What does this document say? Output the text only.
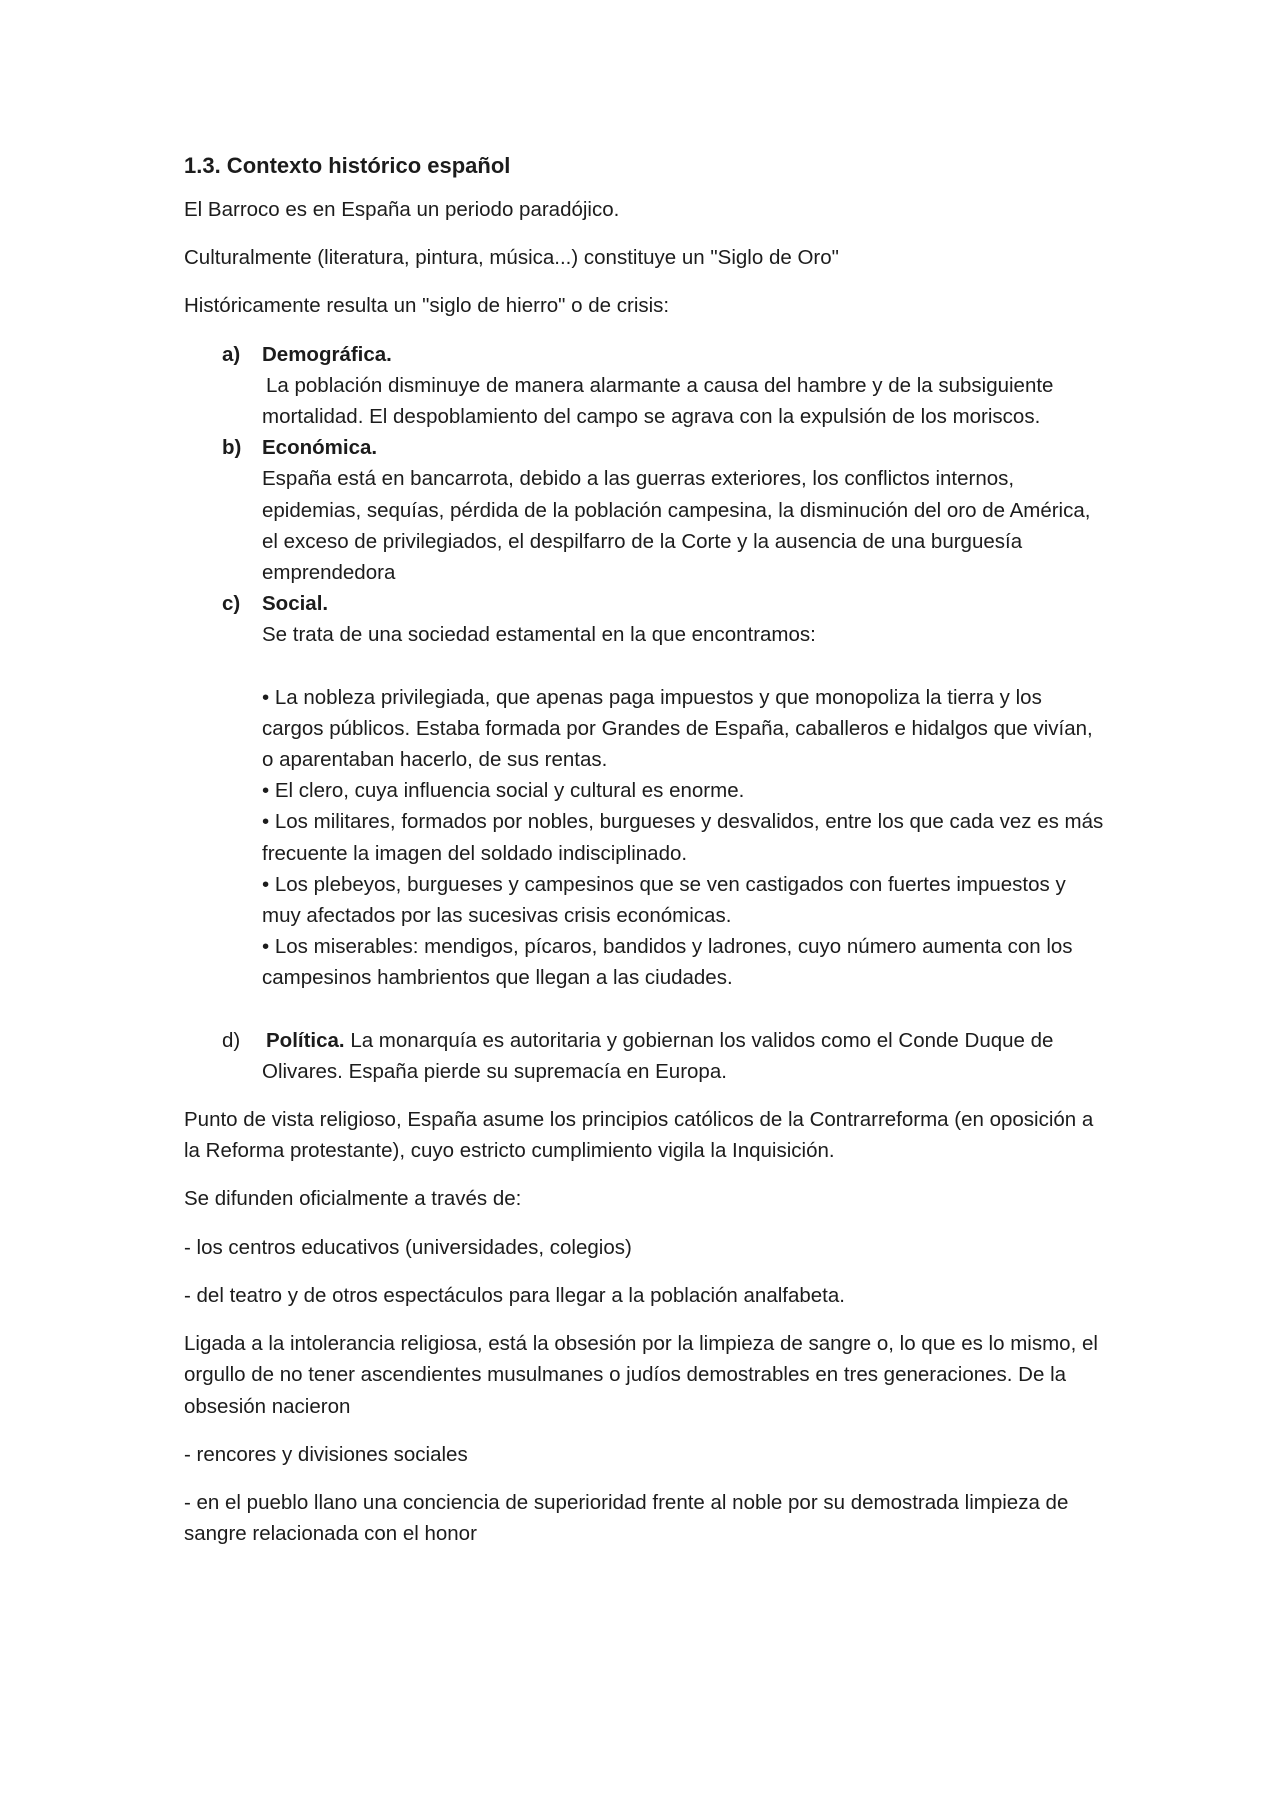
1.3. Contexto histórico español

El Barroco es en España un periodo paradójico.

Culturalmente (literatura, pintura, música...) constituye un "Siglo de Oro"

Históricamente resulta un "siglo de hierro" o de crisis:

a) Demográfica.
La población disminuye de manera alarmante a causa del hambre y de la subsiguiente mortalidad. El despoblamiento del campo se agrava con la expulsión de los moriscos.
b) Económica.
España está en bancarrota, debido a las guerras exteriores, los conflictos internos, epidemias, sequías, pérdida de la población campesina, la disminución del oro de América, el exceso de privilegiados, el despilfarro de la Corte y la ausencia de una burguesía emprendedora
c) Social.
Se trata de una sociedad estamental en la que encontramos:
• La nobleza privilegiada, que apenas paga impuestos y que monopoliza la tierra y los cargos públicos. Estaba formada por Grandes de España, caballeros e hidalgos que vivían, o aparentaban hacerlo, de sus rentas.
• El clero, cuya influencia social y cultural es enorme.
• Los militares, formados por nobles, burgueses y desvalidos, entre los que cada vez es más frecuente la imagen del soldado indisciplinado.
• Los plebeyos, burgueses y campesinos que se ven castigados con fuertes impuestos y muy afectados por las sucesivas crisis económicas.
• Los miserables: mendigos, pícaros, bandidos y ladrones, cuyo número aumenta con los campesinos hambrientos que llegan a las ciudades.
d) Política. La monarquía es autoritaria y gobiernan los validos como el Conde Duque de Olivares. España pierde su supremacía en Europa.

Punto de vista religioso, España asume los principios católicos de la Contrarreforma (en oposición a la Reforma protestante), cuyo estricto cumplimiento vigila la Inquisición.

Se difunden oficialmente a través de:

- los centros educativos (universidades, colegios)

- del teatro y de otros espectáculos para llegar a la población analfabeta.

Ligada a la intolerancia religiosa, está la obsesión por la limpieza de sangre o, lo que es lo mismo, el orgullo de no tener ascendientes musulmanes o judíos demostrables en tres generaciones. De la obsesión nacieron

- rencores y divisiones sociales

- en el pueblo llano una conciencia de superioridad frente al noble por su demostrada limpieza de sangre relacionada con el honor
